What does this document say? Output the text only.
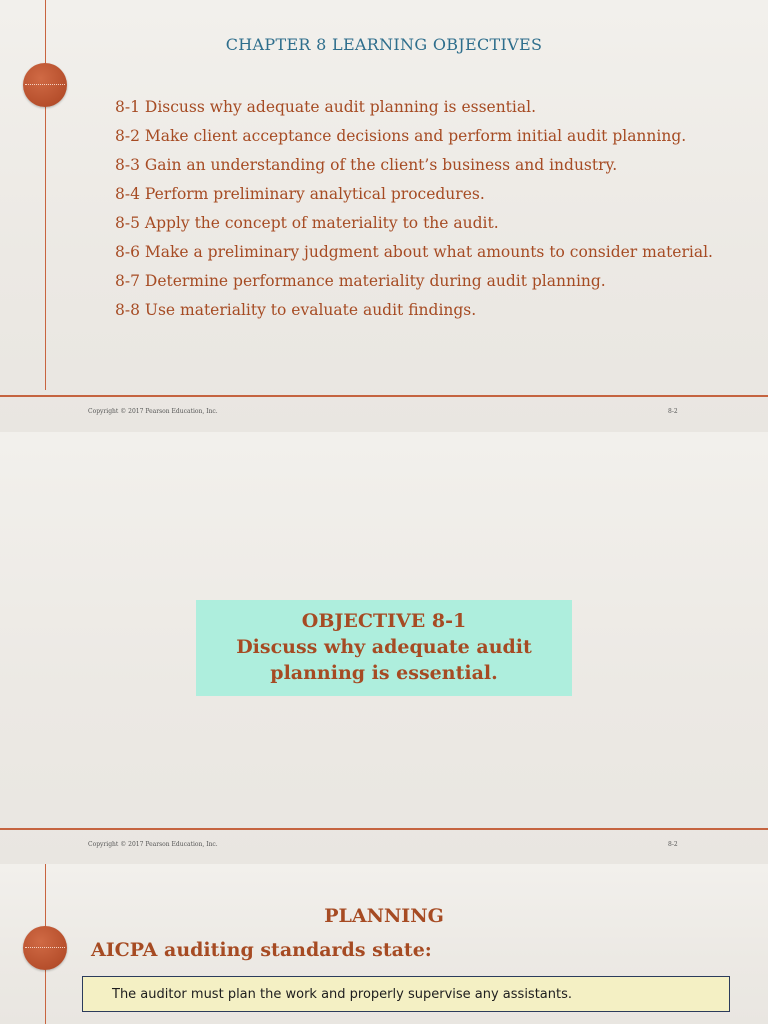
CHAPTER 8 LEARNING OBJECTIVES
8-1 Discuss why adequate audit planning is essential.
8-2 Make client acceptance decisions and perform initial audit planning.
8-3 Gain an understanding of the client’s business and industry.
8-4 Perform preliminary analytical procedures.
8-5 Apply the concept of materiality to the audit.
8-6 Make a preliminary judgment about what amounts to consider material.
8-7 Determine performance materiality during audit planning.
8-8 Use materiality to evaluate audit findings.
Copyright © 2017 Pearson Education, Inc.	8-2
OBJECTIVE 8-1
Discuss why adequate audit planning is essential.
Copyright © 2017 Pearson Education, Inc.	8-2
PLANNING
AICPA auditing standards state:
The auditor must plan the work and properly supervise any assistants.
